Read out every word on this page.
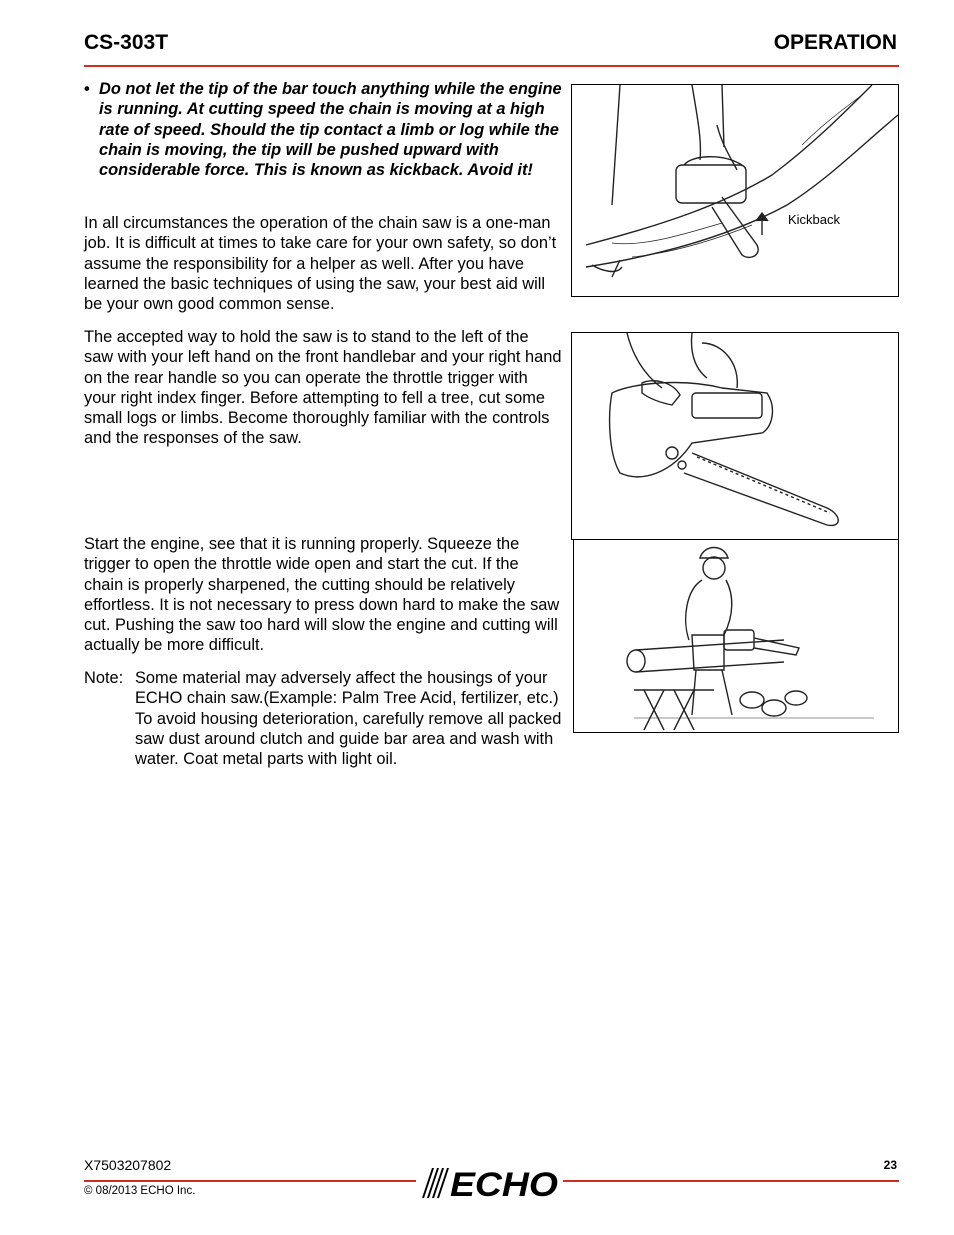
CS-303T	OPERATION
• Do not let the tip of the bar touch anything while the engine is running. At cutting speed the chain is moving at a high rate of speed. Should the tip contact a limb or log while the chain is moving, the tip will be pushed upward with considerable force. This is known as kickback. Avoid it!
In all circumstances the operation of the chain saw is a one-man job. It is difficult at times to take care for your own safety, so don’t assume the responsibility for a helper as well. After you have learned the basic techniques of using the saw, your best aid will be your own good common sense.
The accepted way to hold the saw is to stand to the left of the saw with your left hand on the front handlebar and your right hand on the rear handle so you can operate the throttle trigger with your right index finger. Before attempting to fell a tree, cut some small logs or limbs. Become thoroughly familiar with the controls and the responses of the saw.
Start the engine, see that it is running properly. Squeeze the trigger to open the throttle wide open and start the cut. If the chain is properly sharpened, the cutting should be relatively effortless. It is not necessary to press down hard to make the saw cut. Pushing the saw too hard will slow the engine and cutting will actually be more difficult.
Note: Some material may adversely affect the housings of your ECHO chain saw.(Example: Palm Tree Acid, fertilizer, etc.) To avoid housing deterioration, carefully remove all packed saw dust around clutch and guide bar area and wash with water. Coat metal parts with light oil.
Kickback
X7503207802
© 08/2013 ECHO Inc.
23
ECHO
